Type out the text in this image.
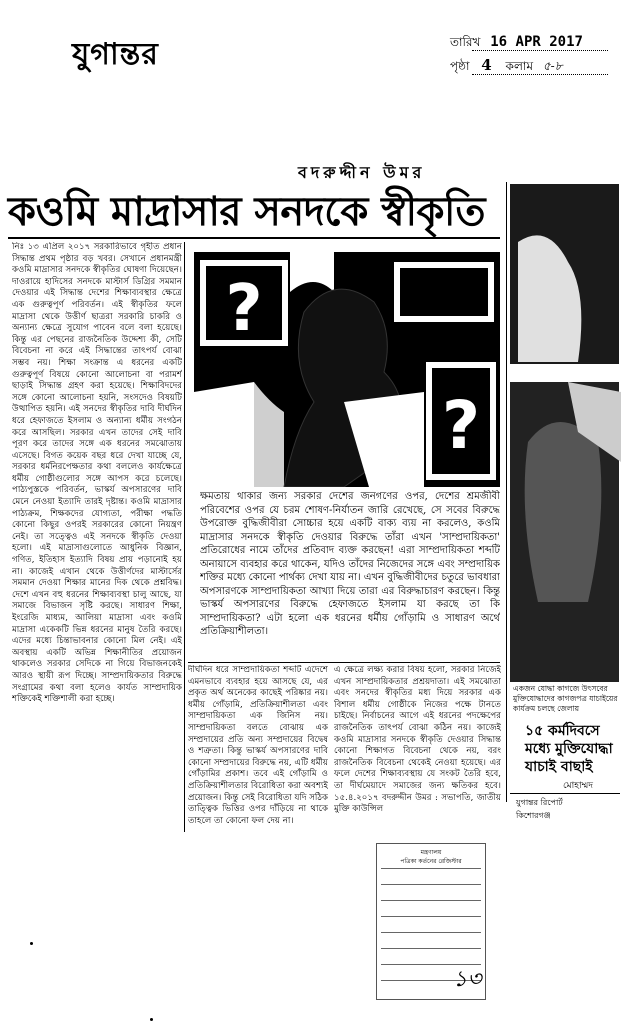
যুগান্তর	তারিখ 16 APR 2017
পৃষ্ঠা 4 কলাম ৫-৮
বদরুদ্দীন উমর
কওমি মাদ্রাসার সনদকে স্বীকৃতি
নিঃ ১৩ এপ্রিল ২০১৭ সরকারিভাবে গৃহীত প্রধান সিদ্ধান্ত প্রথম পৃষ্ঠার বড় খবর। সেখানে প্রধানমন্ত্রী কওমি মাদ্রাসার সনদকে স্বীকৃতির ঘোষণা দিয়েছেন। দাওরায়ে হাদিসের সনদকে মাস্টার্স ডিগ্রির সমমান দেওয়ার এই সিদ্ধান্ত দেশের শিক্ষাব্যবস্থার ক্ষেত্রে এক গুরুত্বপূর্ণ পরিবর্তন। এই স্বীকৃতির ফলে মাদ্রাসা থেকে উত্তীর্ণ ছাত্ররা সরকারি চাকরি ও অন্যান্য ক্ষেত্রে সুযোগ পাবেন বলে বলা হয়েছে। কিন্তু এর পেছনের রাজনৈতিক উদ্দেশ্য কী, সেটি বিবেচনা না করে এই সিদ্ধান্তের তাৎপর্য বোঝা সম্ভব নয়। শিক্ষা সংক্রান্ত এ ধরনের একটি গুরুত্বপূর্ণ বিষয়ে কোনো আলোচনা বা পরামর্শ ছাড়াই সিদ্ধান্ত গ্রহণ করা হয়েছে। শিক্ষাবিদদের সঙ্গে কোনো আলোচনা হয়নি, সংসদেও বিষয়টি উত্থাপিত হয়নি। এই সনদের স্বীকৃতির দাবি দীর্ঘদিন ধরে হেফাজতে ইসলাম ও অন্যান্য ধর্মীয় সংগঠন করে আসছিল। সরকার এখন তাদের সেই দাবি পূরণ করে তাদের সঙ্গে এক ধরনের সমঝোতায় এসেছে। বিগত কয়েক বছর ধরে দেখা যাচ্ছে যে, সরকার ধর্মনিরপেক্ষতার কথা বললেও কার্যক্ষেত্রে ধর্মীয় গোষ্ঠীগুলোর সঙ্গে আপস করে চলেছে। পাঠ্যপুস্তকে পরিবর্তন, ভাস্কর্য অপসারণের দাবি মেনে নেওয়া ইত্যাদি তারই দৃষ্টান্ত। কওমি মাদ্রাসার পাঠ্যক্রম, শিক্ষকদের যোগ্যতা, পরীক্ষা পদ্ধতি কোনো কিছুর ওপরই সরকারের কোনো নিয়ন্ত্রণ নেই। তা সত্ত্বেও এই সনদকে স্বীকৃতি দেওয়া হলো। এই মাদ্রাসাগুলোতে আধুনিক বিজ্ঞান, গণিত, ইতিহাস ইত্যাদি বিষয় প্রায় পড়ানোই হয় না। কাজেই এখান থেকে উত্তীর্ণদের মাস্টার্সের সমমান দেওয়া শিক্ষার মানের দিক থেকে প্রশ্নবিদ্ধ। দেশে এখন বহু ধরনের শিক্ষাব্যবস্থা চালু আছে, যা সমাজে বিভাজন সৃষ্টি করছে। সাধারণ শিক্ষা, ইংরেজি মাধ্যম, আলিয়া মাদ্রাসা এবং কওমি মাদ্রাসা একেকটি ভিন্ন ধরনের মানুষ তৈরি করছে। এদের মধ্যে চিন্তাভাবনার কোনো মিল নেই। এই অবস্থায় একটি অভিন্ন শিক্ষানীতির প্রয়োজন থাকলেও সরকার সেদিকে না গিয়ে বিভাজনকেই আরও স্থায়ী রূপ দিচ্ছে। সাম্প্রদায়িকতার বিরুদ্ধে সংগ্রামের কথা বলা হলেও কার্যত সাম্প্রদায়িক শক্তিকেই শক্তিশালী করা হচ্ছে।
?
?
ক্ষমতায় থাকার জন্য সরকার দেশের জনগণের ওপর, দেশের শ্রমজীবী পরিবেশের ওপর যে চরম শোষণ-নির্যাতন জারি রেখেছে, সে সবের বিরুদ্ধে উপরোক্ত বুদ্ধিজীবীরা সোচ্চার হয়ে একটি বাক্য ব্যয় না করলেও, কওমি মাদ্রাসার সনদকে স্বীকৃতি দেওয়ার বিরুদ্ধে তাঁরা এখন 'সাম্প্রদায়িকতা' প্রতিরোধের নামে তাঁদের প্রতিবাদ ব্যক্ত করছেন! এরা সাম্প্রদায়িকতা শব্দটি অনায়াসে ব্যবহার করে থাকেন, যদিও তাঁদের নিজেদের সঙ্গে এবং সম্প্রদায়িক শক্তির মধ্যে কোনো পার্থক্য দেখা যায় না। এখন বুদ্ধিজীবীদের চতুরে ভাবধারা অপসারণকে সাম্প্রদায়িকতা আখ্যা দিয়ে তারা এর বিরুদ্ধাচারণ করছেন। কিন্তু ভাস্কর্য অপসারণের বিরুদ্ধে হেফাজতে ইসলাম যা করছে তা কি সাম্প্রদায়িকতা? এটা হলো এক ধরনের ধর্মীয় গোঁড়ামি ও সাধারণ অর্থে প্রতিক্রিয়াশীলতা।
দীর্ঘদিন ধরে সাম্প্রদায়িকতা শব্দটি এদেশে এমনভাবে ব্যবহার হয়ে আসছে যে, এর প্রকৃত অর্থ অনেকের কাছেই পরিষ্কার নয়। ধর্মীয় গোঁড়ামি, প্রতিক্রিয়াশীলতা এবং সাম্প্রদায়িকতা এক জিনিস নয়। সাম্প্রদায়িকতা বলতে বোঝায় এক সম্প্রদায়ের প্রতি অন্য সম্প্রদায়ের বিদ্বেষ ও শত্রুতা। কিন্তু ভাস্কর্য অপসারণের দাবি কোনো সম্প্রদায়ের বিরুদ্ধে নয়, এটি ধর্মীয় গোঁড়ামির প্রকাশ। তবে এই গোঁড়ামি ও প্রতিক্রিয়াশীলতার বিরোধিতা করা অবশ্যই প্রয়োজন। কিন্তু সেই বিরোধিতা যদি সঠিক তাত্ত্বিক ভিত্তির ওপর দাঁড়িয়ে না থাকে তাহলে তা কোনো ফল দেয় না।
এ ক্ষেত্রে লক্ষ্য করার বিষয় হলো, সরকার নিজেই এখন সাম্প্রদায়িকতার প্রশ্রয়দাতা। এই সমঝোতা এবং সনদের স্বীকৃতির মধ্য দিয়ে সরকার এক বিশাল ধর্মীয় গোষ্ঠীকে নিজের পক্ষে টানতে চাইছে। নির্বাচনের আগে এই ধরনের পদক্ষেপের রাজনৈতিক তাৎপর্য বোঝা কঠিন নয়। কাজেই কওমি মাদ্রাসার সনদকে স্বীকৃতি দেওয়ার সিদ্ধান্ত কোনো শিক্ষাগত বিবেচনা থেকে নয়, বরং রাজনৈতিক বিবেচনা থেকেই নেওয়া হয়েছে। এর ফলে দেশের শিক্ষাব্যবস্থায় যে সংকট তৈরি হবে, তা দীর্ঘমেয়াদে সমাজের জন্য ক্ষতিকর হবে। ১৫.৪.২০১৭ বদরুদ্দীন উমর : সভাপতি, জাতীয় মুক্তি কাউন্সিল
একজন যোদ্ধা কাগজে উৎসবের মুক্তিযোদ্ধাদের কাগজপত্র যাচাইয়ের কার্যক্রম চলছে জেলায়
১৫ কর্মদিবসে মধ্যে মুক্তিযোদ্ধা যাচাই বাছাই
মোহাম্মদ
যুগান্তর রিপোর্ট কিশোরগঞ্জ
মন্ত্রণালয়
পত্রিকা কর্তনের রেজিস্টার
১৩
